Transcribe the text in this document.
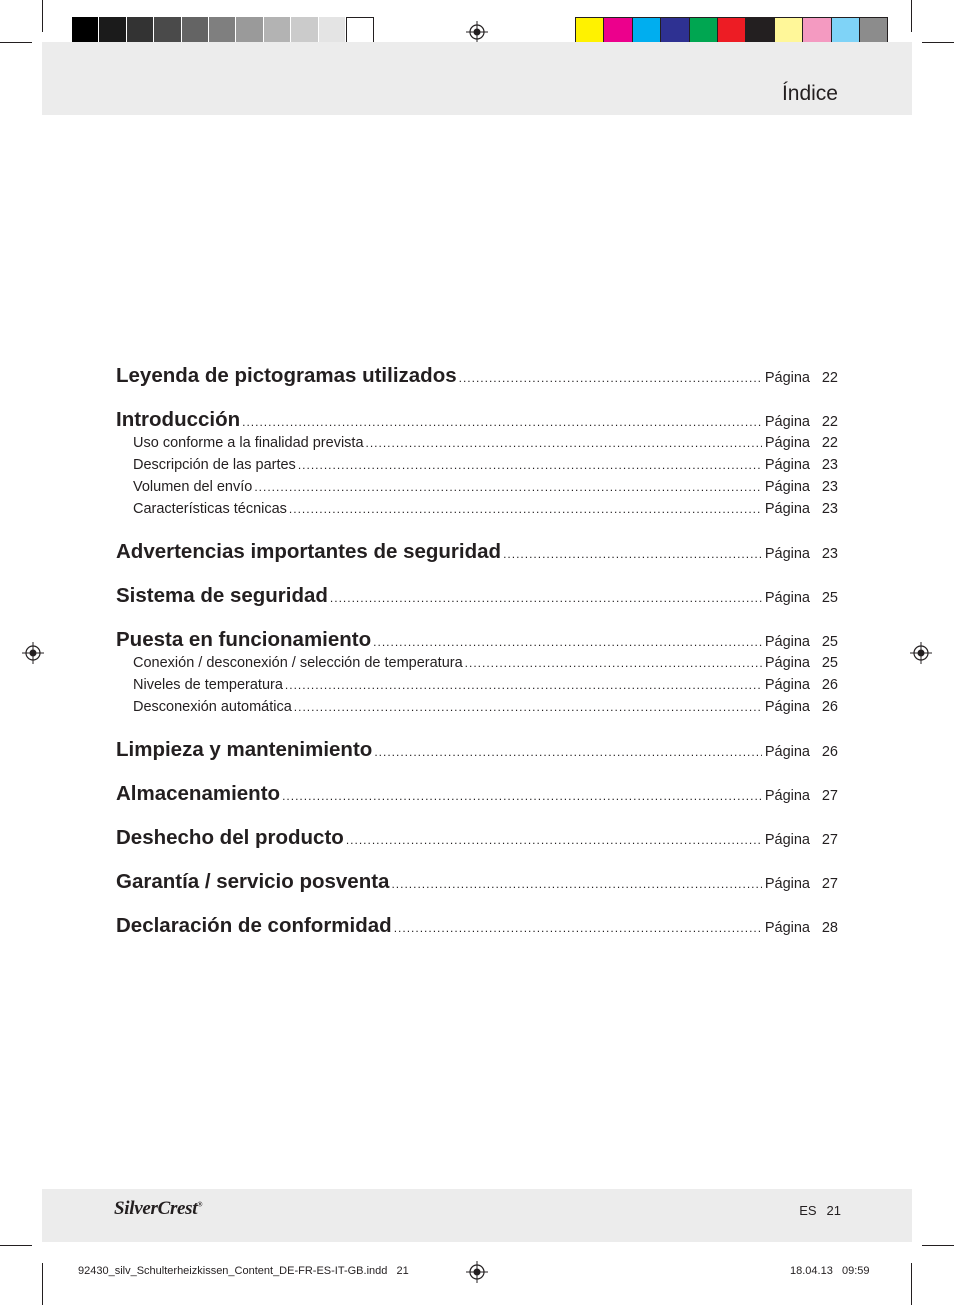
Índice
Leyenda de pictogramas utilizados .....	Página 22
Introducción .....	Página 22
Uso conforme a la finalidad prevista .....	Página 22
Descripción de las partes .....	Página 23
Volumen del envío .....	Página 23
Características técnicas .....	Página 23
Advertencias importantes de seguridad .....	Página 23
Sistema de seguridad .....	Página 25
Puesta en funcionamiento .....	Página 25
Conexión / desconexión / selección de temperatura .....	Página 25
Niveles de temperatura .....	Página 26
Desconexión automática .....	Página 26
Limpieza y mantenimiento .....	Página 26
Almacenamiento .....	Página 27
Deshecho del producto .....	Página 27
Garantía / servicio posventa .....	Página 27
Declaración de conformidad .....	Página 28
SilverCrest®	ES 21
92430_silv_Schulterheizkissen_Content_DE-FR-ES-IT-GB.indd 21	18.04.13 09:59
